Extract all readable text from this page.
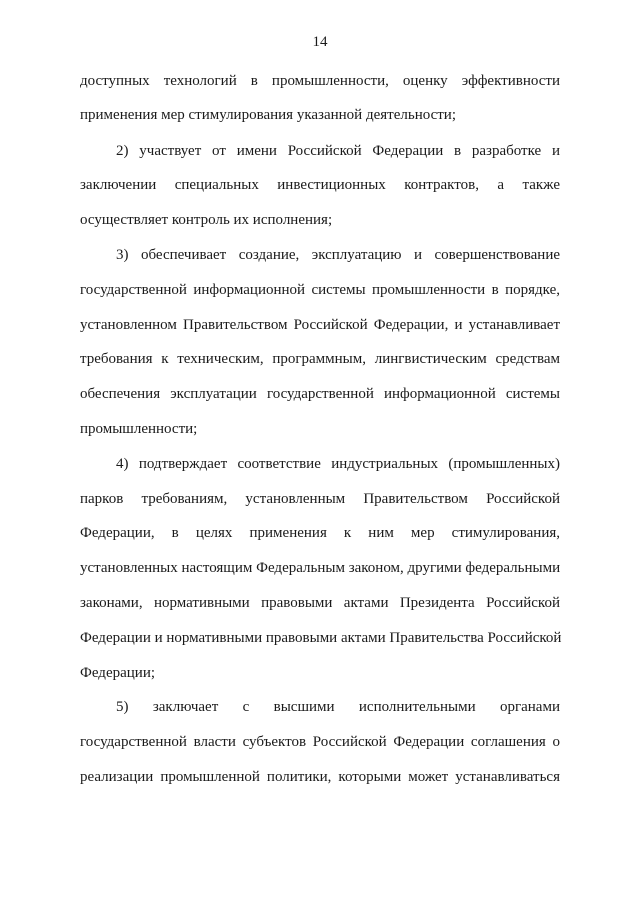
14
доступных технологий в промышленности, оценку эффективности
применения мер стимулирования указанной деятельности;
2) участвует от имени Российской Федерации в разработке и
заключении специальных инвестиционных контрактов, а также
осуществляет контроль их исполнения;
3) обеспечивает создание, эксплуатацию и совершенствование
государственной информационной системы промышленности в порядке,
установленном Правительством Российской Федерации, и устанавливает
требования к техническим, программным, лингвистическим средствам
обеспечения эксплуатации государственной информационной системы
промышленности;
4) подтверждает соответствие индустриальных (промышленных)
парков требованиям, установленным Правительством Российской
Федерации, в целях применения к ним мер стимулирования,
установленных настоящим Федеральным законом, другими федеральными
законами, нормативными правовыми актами Президента Российской
Федерации и нормативными правовыми актами Правительства Российской
Федерации;
5) заключает с высшими исполнительными органами
государственной власти субъектов Российской Федерации соглашения о
реализации промышленной политики, которыми может устанавливаться
